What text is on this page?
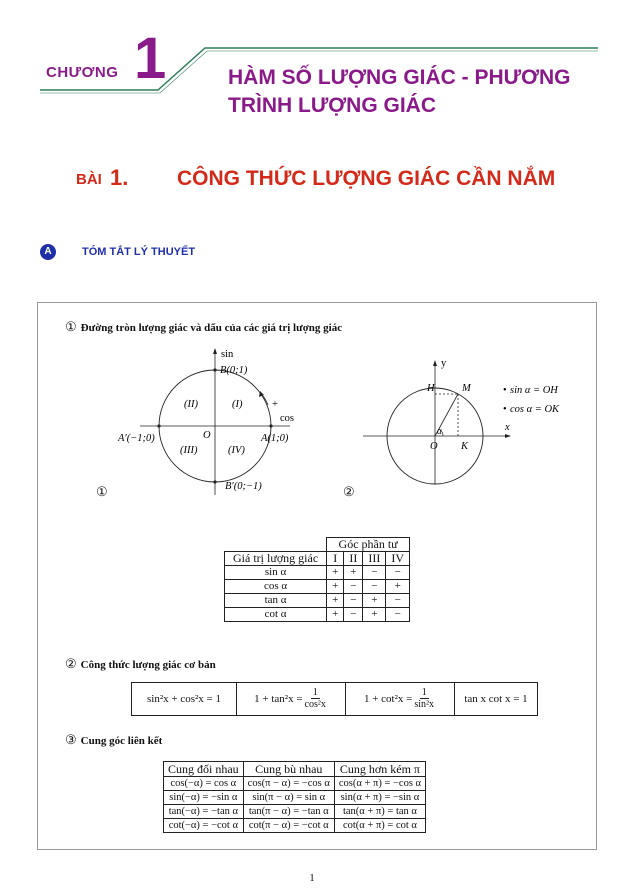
CHƯƠNG 1	HÀM SỐ LƯỢNG GIÁC - PHƯƠNG
TRÌNH LƯỢNG GIÁC
BÀI 1. CÔNG THỨC LƯỢNG GIÁC CẦN NẮM
A	TÓM TẮT LÝ THUYẾT
① Đường tròn lượng giác và dấu của các giá trị lượng giác
sin
cos
B(0;1)
B′(0;−1)
A(1;0)
A′(−1;0)	O
(I)
(II)
(III)	(IV)
+
①
y
x
H	M
O K
α
• sin α = OH
• cos α = OK
②
	Góc phần tư			
Giá trị lượng giác	I	II	III	IV
sin α	+	+	−	−
cos α	+	−	−	+
tan α	+	−	+	−
cot α	+	−	+	−
② Công thức lượng giác cơ bản
sin²x + cos²x = 1	$1 + \tan^2x = \frac{1}{\text{cos²x}}$	$1 + \cot^2x = \frac{1}{\text{sin²x}}$	tan x cot x = 1
③ Cung góc liên kết
Cung đối nhau	Cung bù nhau	Cung hơn kém π
cos(−α) = cos α	cos(π − α) = −cos α	cos(α + π) = −cos α
sin(−α) = −sin α	sin(π − α) = sin α	sin(α + π) = −sin α
tan(−α) = −tan α	tan(π − α) = −tan α	tan(α + π) = tan α
cot(−α) = −cot α	cot(π − α) = −cot α	cot(α + π) = cot α
1
